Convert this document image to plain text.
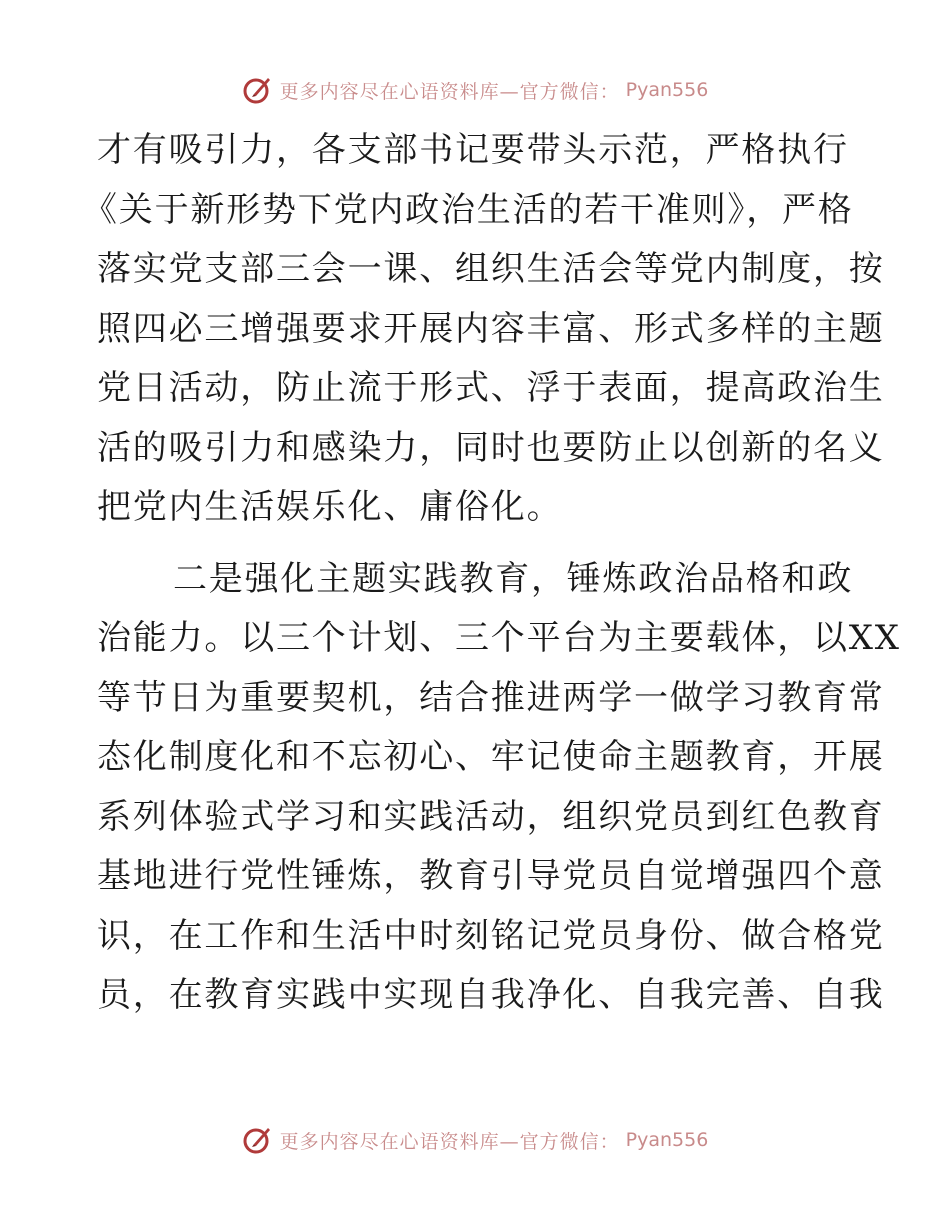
更多内容尽在心语资料库—官方微信： Pyan556

才有吸引力，各支部书记要带头示范，严格执行
《关于新形势下党内政治生活的若干准则》，严格
落实党支部三会一课、组织生活会等党内制度，按
照四必三增强要求开展内容丰富、形式多样的主题
党日活动，防止流于形式、浮于表面，提高政治生
活的吸引力和感染力，同时也要防止以创新的名义
把党内生活娱乐化、庸俗化。

二是强化主题实践教育，锤炼政治品格和政
治能力。以三个计划、三个平台为主要载体，以XX
等节日为重要契机，结合推进两学一做学习教育常
态化制度化和不忘初心、牢记使命主题教育，开展
系列体验式学习和实践活动，组织党员到红色教育
基地进行党性锤炼，教育引导党员自觉增强四个意
识，在工作和生活中时刻铭记党员身份、做合格党
员，在教育实践中实现自我净化、自我完善、自我

更多内容尽在心语资料库—官方微信： Pyan556
